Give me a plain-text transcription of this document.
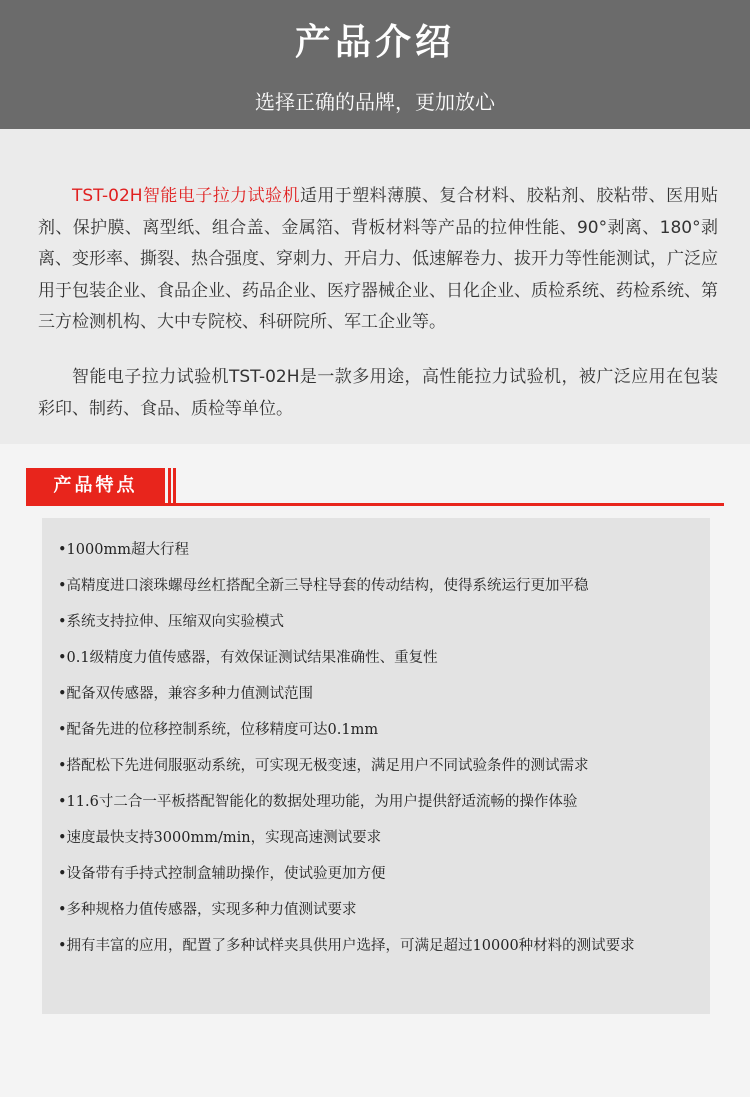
产品介绍
选择正确的品牌，更加放心

TST-02H智能电子拉力试验机适用于塑料薄膜、复合材料、胶粘剂、胶粘带、医用贴剂、保护膜、离型纸、组合盖、金属箔、背板材料等产品的拉伸性能、90°剥离、180°剥离、变形率、撕裂、热合强度、穿刺力、开启力、低速解卷力、拔开力等性能测试，广泛应用于包装企业、食品企业、药品企业、医疗器械企业、日化企业、质检系统、药检系统、第三方检测机构、大中专院校、科研院所、军工企业等。

智能电子拉力试验机TST-02H是一款多用途，高性能拉力试验机，被广泛应用在包装彩印、制药、食品、质检等单位。

产品特点
•1000mm超大行程
•高精度进口滚珠螺母丝杠搭配全新三导柱导套的传动结构，使得系统运行更加平稳
•系统支持拉伸、压缩双向实验模式
•0.1级精度力值传感器，有效保证测试结果准确性、重复性
•配备双传感器，兼容多种力值测试范围
•配备先进的位移控制系统，位移精度可达0.1mm
•搭配松下先进伺服驱动系统，可实现无极变速，满足用户不同试验条件的测试需求
•11.6寸二合一平板搭配智能化的数据处理功能，为用户提供舒适流畅的操作体验
•速度最快支持3000mm/min，实现高速测试要求
•设备带有手持式控制盒辅助操作，使试验更加方便
•多种规格力值传感器，实现多种力值测试要求
•拥有丰富的应用，配置了多种试样夹具供用户选择，可满足超过10000种材料的测试要求
